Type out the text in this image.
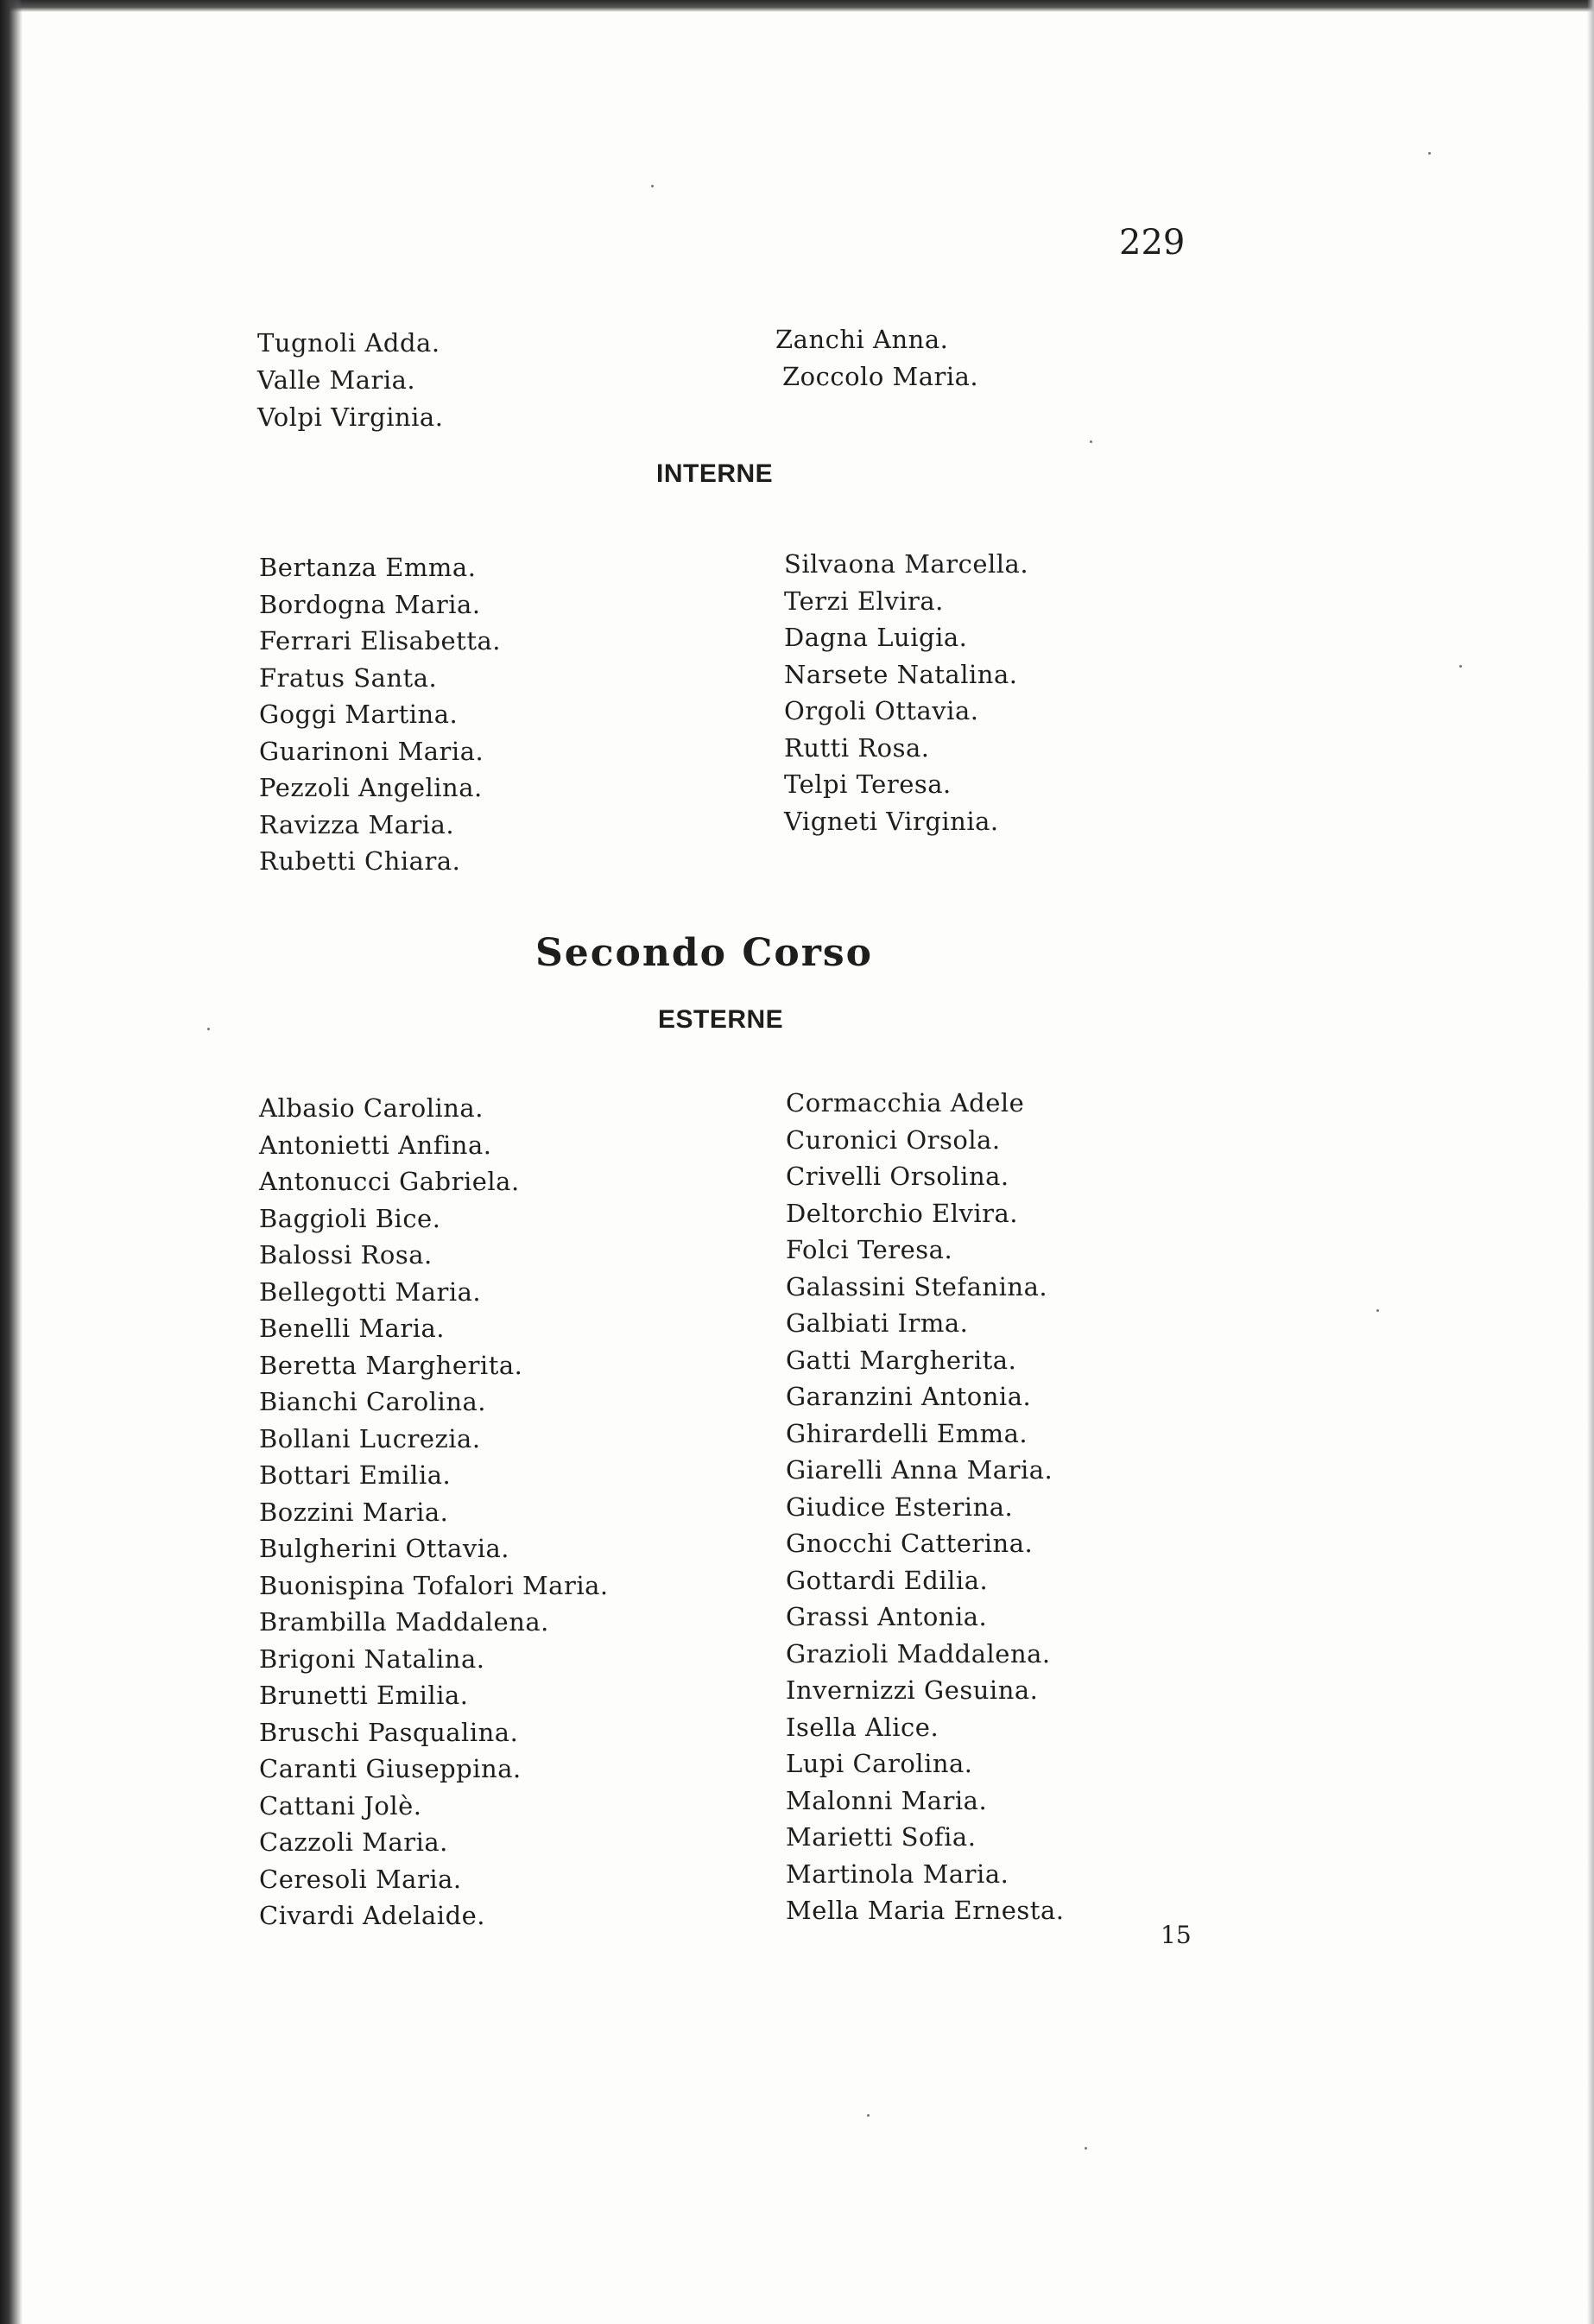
229
Tugnoli Adda.
Valle Maria.
Volpi Virginia.
Zanchi Anna.
Zoccolo Maria.
INTERNE
Bertanza Emma.
Bordogna Maria.
Ferrari Elisabetta.
Fratus Santa.
Goggi Martina.
Guarinoni Maria.
Pezzoli Angelina.
Ravizza Maria.
Rubetti Chiara.
Silvaona Marcella.
Terzi Elvira.
Dagna Luigia.
Narsete Natalina.
Orgoli Ottavia.
Rutti Rosa.
Telpi Teresa.
Vigneti Virginia.
Secondo Corso
ESTERNE
Albasio Carolina.
Antonietti Anfina.
Antonucci Gabriela.
Baggioli Bice.
Balossi Rosa.
Bellegotti Maria.
Benelli Maria.
Beretta Margherita.
Bianchi Carolina.
Bollani Lucrezia.
Bottari Emilia.
Bozzini Maria.
Bulgherini Ottavia.
Buonispina Tofalori Maria.
Brambilla Maddalena.
Brigoni Natalina.
Brunetti Emilia.
Bruschi Pasqualina.
Caranti Giuseppina.
Cattani Jolè.
Cazzoli Maria.
Ceresoli Maria.
Civardi Adelaide.
Cormacchia Adele
Curonici Orsola.
Crivelli Orsolina.
Deltorchio Elvira.
Folci Teresa.
Galassini Stefanina.
Galbiati Irma.
Gatti Margherita.
Garanzini Antonia.
Ghirardelli Emma.
Giarelli Anna Maria.
Giudice Esterina.
Gnocchi Catterina.
Gottardi Edilia.
Grassi Antonia.
Grazioli Maddalena.
Invernizzi Gesuina.
Isella Alice.
Lupi Carolina.
Malonni Maria.
Marietti Sofia.
Martinola Maria.
Mella Maria Ernesta.
15
